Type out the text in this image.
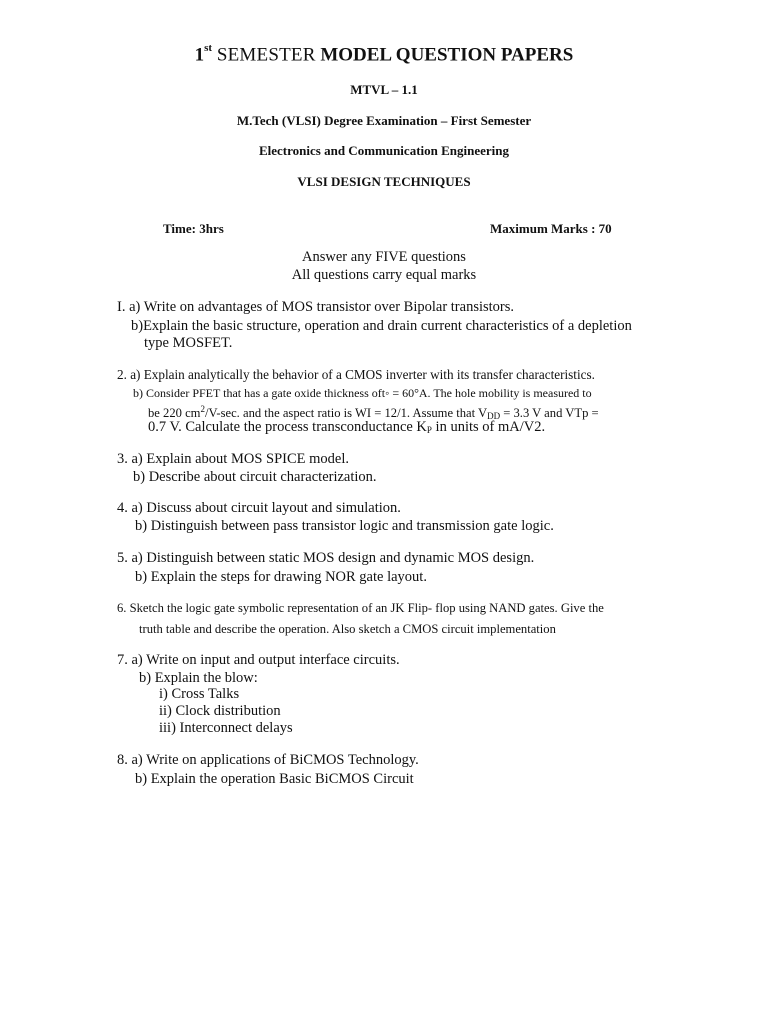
1st SEMESTER MODEL QUESTION PAPERS
MTVL – 1.1
M.Tech (VLSI) Degree Examination – First Semester
Electronics and Communication Engineering
VLSI DESIGN TECHNIQUES
Time: 3hrs	Maximum Marks : 70
Answer any FIVE questions
All questions carry equal marks
I. a) Write on advantages of MOS transistor over Bipolar transistors.
b)Explain the basic structure, operation and drain current characteristics of a depletion
type MOSFET.
2. a) Explain analytically the behavior of a CMOS inverter with its transfer characteristics.
b) Consider PFET that has a gate oxide thickness oft◦ = 60°A. The hole mobility is measured to
be 220 $cm^2/V-\sec$. and the aspect ratio is WI = 12/1. Assume that $V_{DD} = 3.3$ V and VTp =
0.7 V. Calculate the process transconductance $K_P$ in units of mA/V2.
3. a) Explain about MOS SPICE model.
b) Describe about circuit characterization.
4. a) Discuss about circuit layout and simulation.
b) Distinguish between pass transistor logic and transmission gate logic.
5. a) Distinguish between static MOS design and dynamic MOS design.
b) Explain the steps for drawing NOR gate layout.
6. Sketch the logic gate symbolic representation of an JK Flip- flop using NAND gates. Give the
truth table and describe the operation. Also sketch a CMOS circuit implementation
7. a) Write on input and output interface circuits.
b) Explain the blow:
i) Cross Talks
ii) Clock distribution
iii) Interconnect delays
8. a) Write on applications of BiCMOS Technology.
b) Explain the operation Basic BiCMOS Circuit
